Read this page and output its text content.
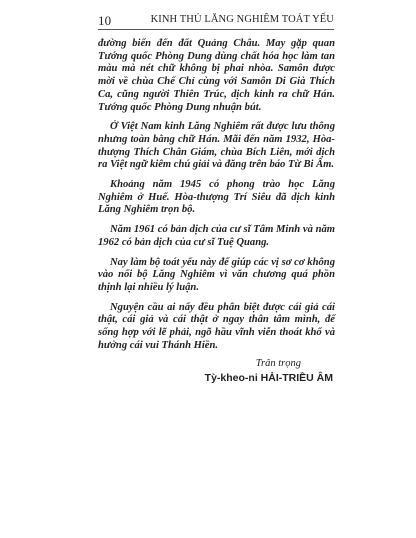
10	KINH THỦ LĂNG NGHIÊM TOÁT YẾU

đường biển đến đất Quảng Châu. May gặp quan Tướng quốc Phòng Dung dùng chất hóa học làm tan màu mà nét chữ không bị phai nhòa. Samôn được mời về chùa Chế Chỉ cùng với Samôn Di Già Thích Ca, cũng người Thiên Trúc, dịch kinh ra chữ Hán. Tướng quốc Phòng Dung nhuận bút.

Ở Việt Nam kinh Lăng Nghiêm rất được lưu thông nhưng toàn bằng chữ Hán. Mãi đến năm 1932, Hòa-thượng Thích Chân Giám, chùa Bích Liên, mới dịch ra Việt ngữ kiêm chú giải và đăng trên báo Từ Bi Âm.

Khoảng năm 1945 có phong trào học Lăng Nghiêm ở Huế. Hòa-thượng Trí Siêu đã dịch kinh Lăng Nghiêm trọn bộ.

Năm 1961 có bản dịch của cư sĩ Tâm Minh và năm 1962 có bản dịch của cư sĩ Tuệ Quang.

Nay làm bộ toát yếu này để giúp các vị sơ cơ không vào nổi bộ Lăng Nghiêm vì văn chương quá phồn thịnh lại nhiều lý luận.

Nguyện cầu ai nấy đều phân biệt được cái giả cái thật, cái giả và cái thật ở ngay thân tâm mình, để sống hợp với lẽ phải, ngõ hầu vĩnh viễn thoát khổ và hưởng cái vui Thánh Hiền.

Trân trọng
Tỳ-kheo-ni HẢI-TRIỀU ÂM
